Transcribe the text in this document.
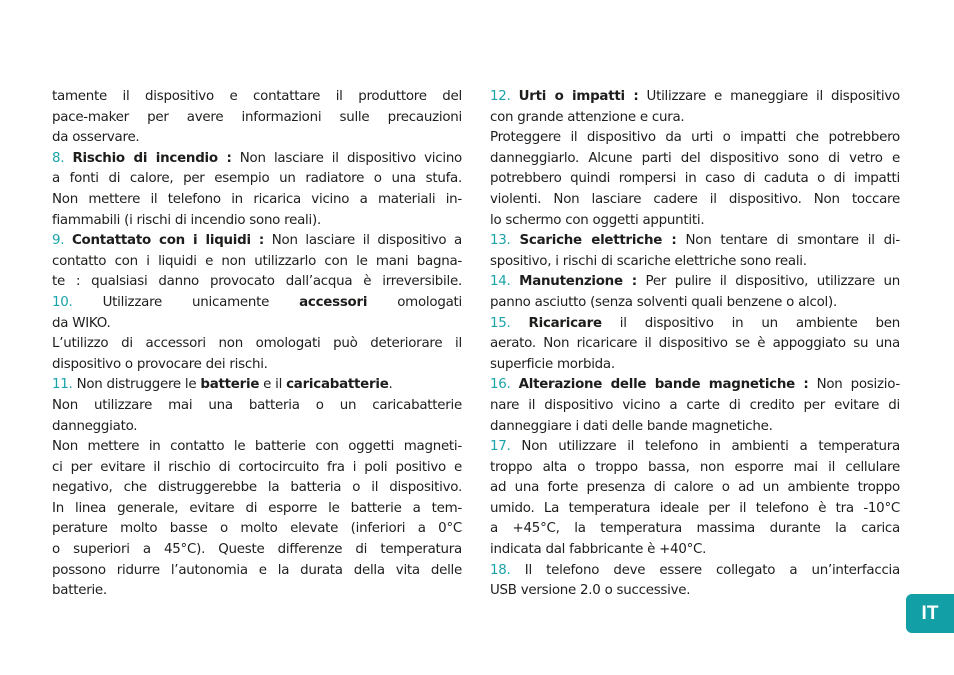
tamente il dispositivo e contattare il produttore del
pace-maker per avere informazioni sulle precauzioni
da osservare.
8. Rischio di incendio : Non lasciare il dispositivo vicino
a fonti di calore, per esempio un radiatore o una stufa.
Non mettere il telefono in ricarica vicino a materiali in-
fiammabili (i rischi di incendio sono reali).
9. Contattato con i liquidi : Non lasciare il dispositivo a
contatto con i liquidi e non utilizzarlo con le mani bagna-
te : qualsiasi danno provocato dall’acqua è irreversibile.
10. Utilizzare unicamente accessori omologati
da WIKO.
L’utilizzo di accessori non omologati può deteriorare il
dispositivo o provocare dei rischi.
11. Non distruggere le batterie e il caricabatterie.
Non utilizzare mai una batteria o un caricabatterie
danneggiato.
Non mettere in contatto le batterie con oggetti magneti-
ci per evitare il rischio di cortocircuito fra i poli positivo e
negativo, che distruggerebbe la batteria o il dispositivo.
In linea generale, evitare di esporre le batterie a tem-
perature molto basse o molto elevate (inferiori a 0°C
o superiori a 45°C). Queste differenze di temperatura
possono ridurre l’autonomia e la durata della vita delle
batterie.
12. Urti o impatti : Utilizzare e maneggiare il dispositivo
con grande attenzione e cura.
Proteggere il dispositivo da urti o impatti che potrebbero
danneggiarlo. Alcune parti del dispositivo sono di vetro e
potrebbero quindi rompersi in caso di caduta o di impatti
violenti. Non lasciare cadere il dispositivo. Non toccare
lo schermo con oggetti appuntiti.
13. Scariche elettriche : Non tentare di smontare il di-
spositivo, i rischi di scariche elettriche sono reali.
14. Manutenzione : Per pulire il dispositivo, utilizzare un
panno asciutto (senza solventi quali benzene o alcol).
15. Ricaricare il dispositivo in un ambiente ben
aerato. Non ricaricare il dispositivo se è appoggiato su una
superficie morbida.
16. Alterazione delle bande magnetiche : Non posizio-
nare il dispositivo vicino a carte di credito per evitare di
danneggiare i dati delle bande magnetiche.
17. Non utilizzare il telefono in ambienti a temperatura
troppo alta o troppo bassa, non esporre mai il cellulare
ad una forte presenza di calore o ad un ambiente troppo
umido. La temperatura ideale per il telefono è tra -10°C
a +45°C, la temperatura massima durante la carica
indicata dal fabbricante è +40°C.
18. Il telefono deve essere collegato a un’interfaccia
USB versione 2.0 o successive.
IT
